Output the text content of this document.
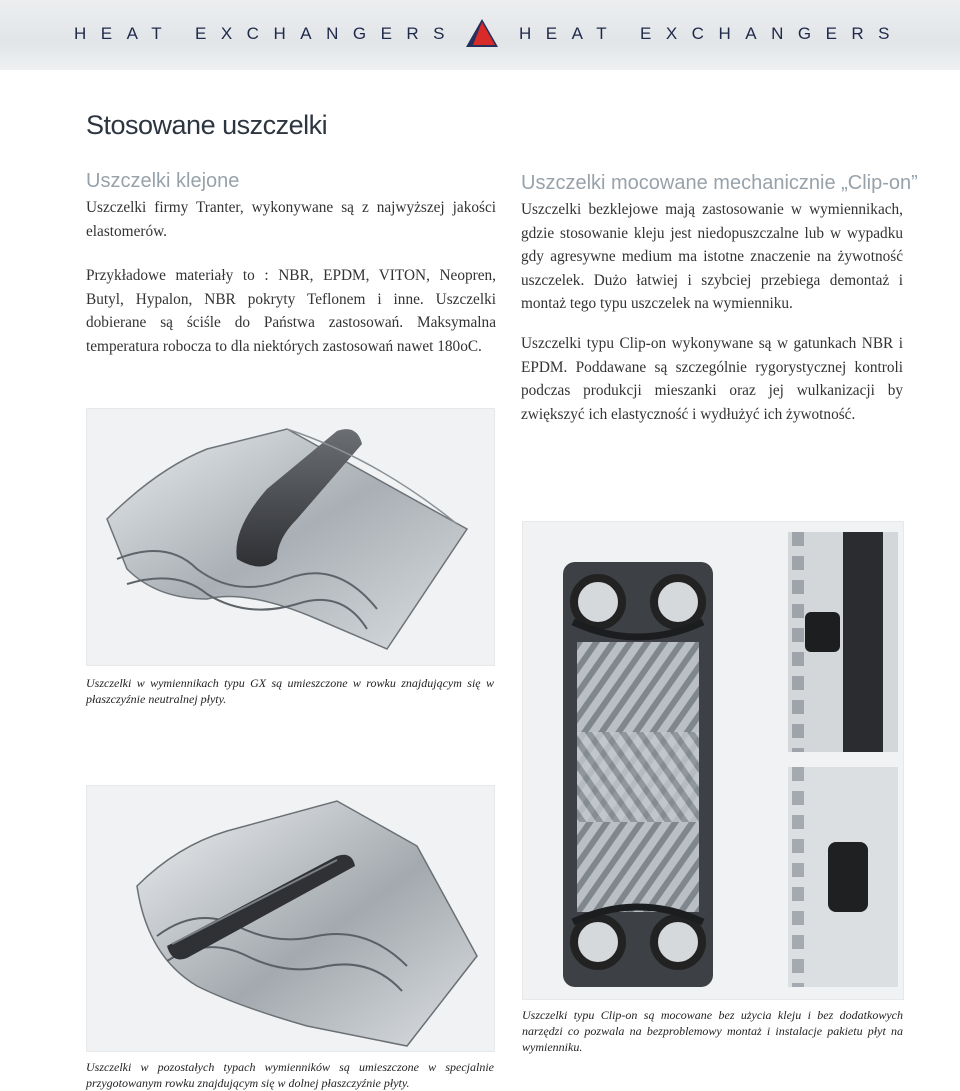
HEAT EXCHANGERS	HEAT EXCHANGERS
Stosowane uszczelki
Uszczelki klejone

Uszczelki firmy Tranter, wykonywane są z najwyższej jakości elastomerów.

Przykładowe materiały to : NBR, EPDM, VITON, Neopren, Butyl, Hypalon, NBR pokryty Teflonem i inne. Uszczelki dobierane są ściśle do Państwa zastosowań. Maksymalna temperatura robocza to dla niektórych zastosowań nawet 180oC.

Uszczelki w wymiennikach typu GX są umieszczone w rowku znajdującym się w płaszczyźnie neutralnej płyty.

Uszczelki w pozostałych typach wymienników są umieszczone w specjalnie przygotowanym rowku znajdującym się w dolnej płaszczyźnie płyty.

Uszczelki mocowane mechanicznie „Clip-on”

Uszczelki bezklejowe mają zastosowanie w wymiennikach, gdzie stosowanie kleju jest niedopuszczalne lub w wypadku gdy agresywne medium ma istotne znaczenie na żywotność uszczelek. Dużo łatwiej i szybciej przebiega demontaż i montaż tego typu uszczelek na wymienniku.

Uszczelki typu Clip-on wykonywane są w gatunkach NBR i EPDM. Poddawane są szczególnie rygorystycznej kontroli podczas produkcji mieszanki oraz jej wulkanizacji by zwiększyć ich elastyczność i wydłużyć ich żywotność.

Uszczelki typu Clip-on są mocowane bez użycia kleju i bez dodatkowych narzędzi co pozwala na bezproblemowy montaż i instalacje pakietu płyt na wymienniku.
